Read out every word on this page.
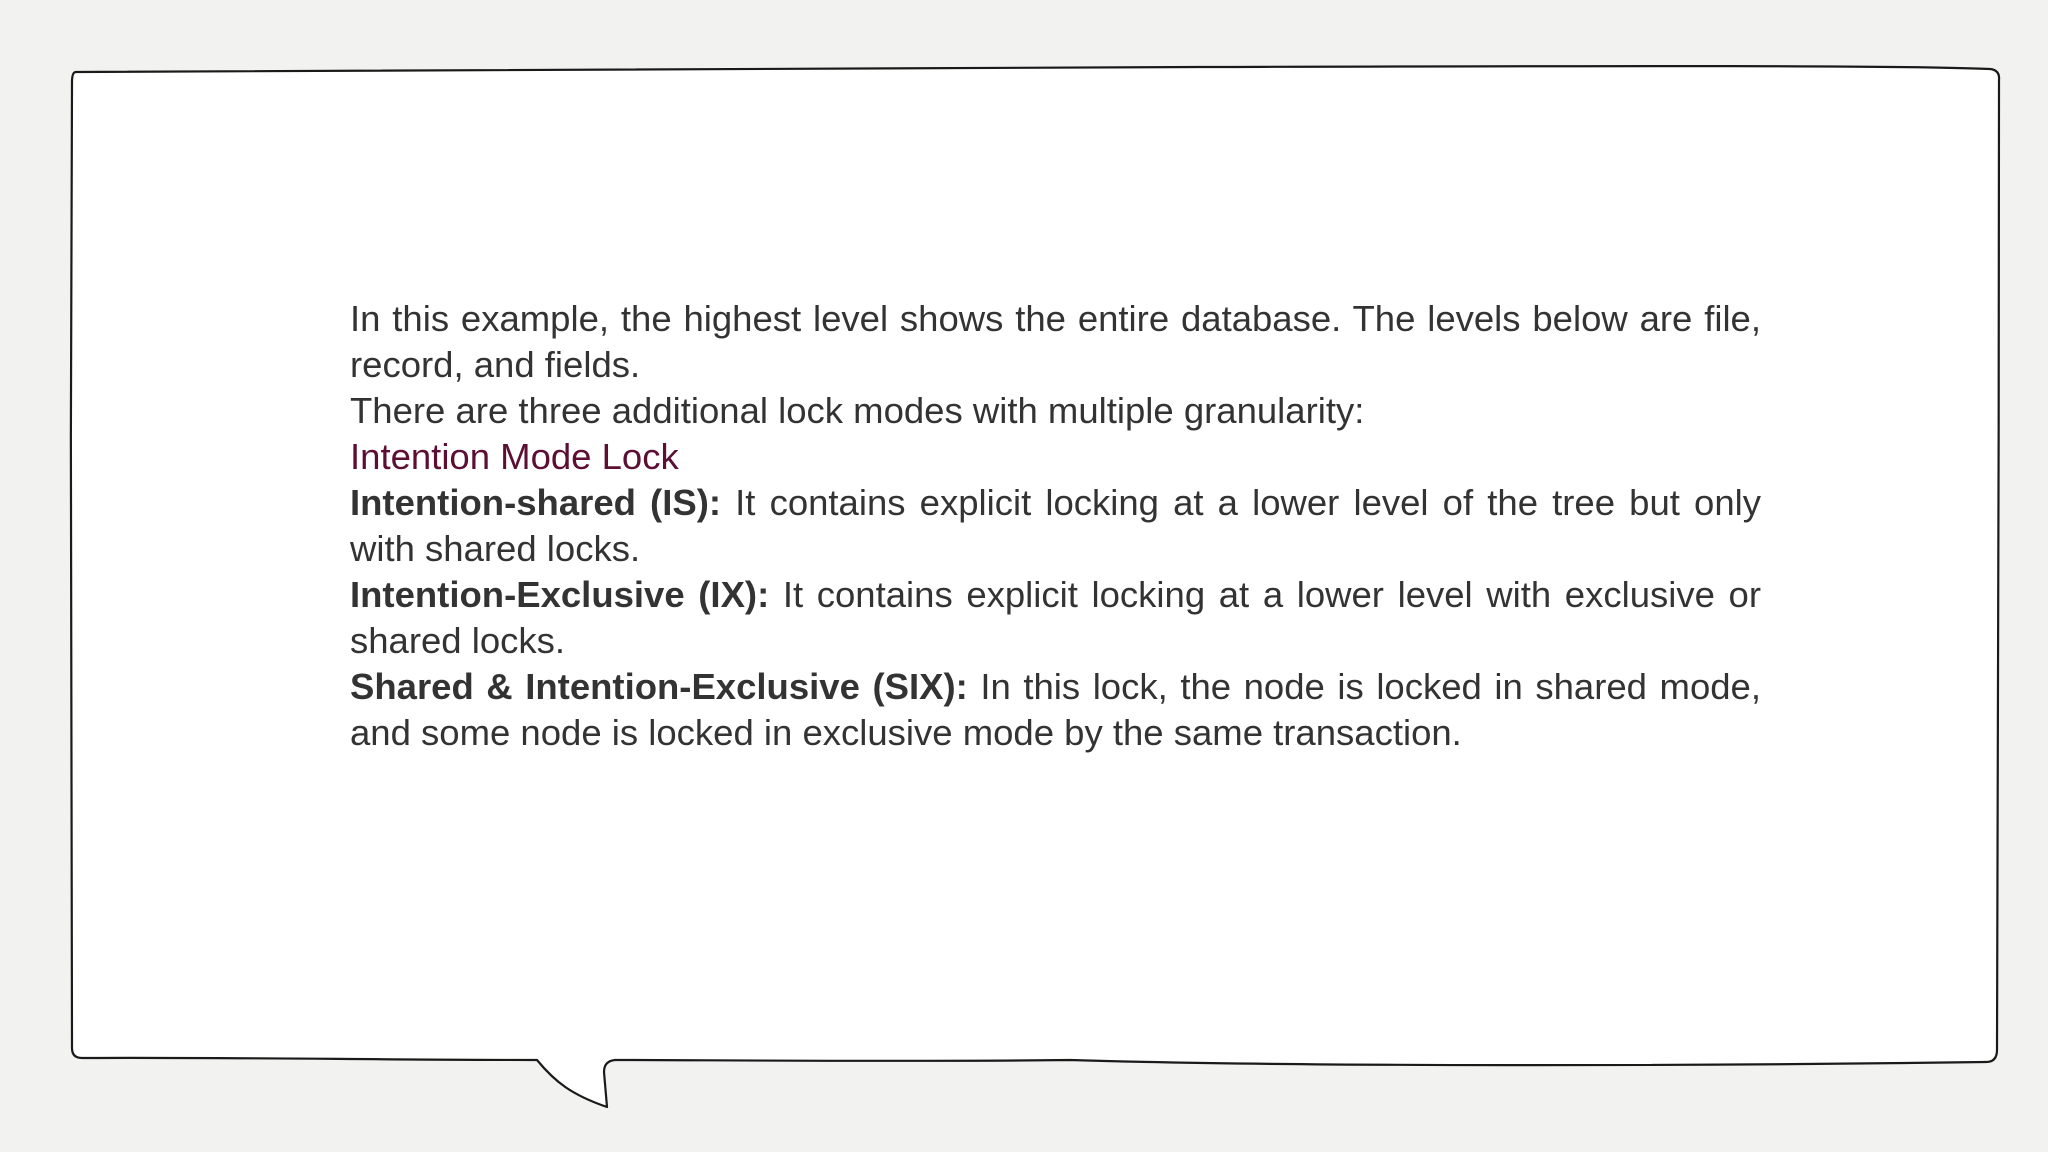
In this example, the highest level shows the entire database. The levels below are file, record, and fields.

There are three additional lock modes with multiple granularity:

Intention Mode Lock

Intention-shared (IS): It contains explicit locking at a lower level of the tree but only with shared locks.

Intention-Exclusive (IX): It contains explicit locking at a lower level with exclusive or shared locks.

Shared & Intention-Exclusive (SIX): In this lock, the node is locked in shared mode, and some node is locked in exclusive mode by the same transaction.
